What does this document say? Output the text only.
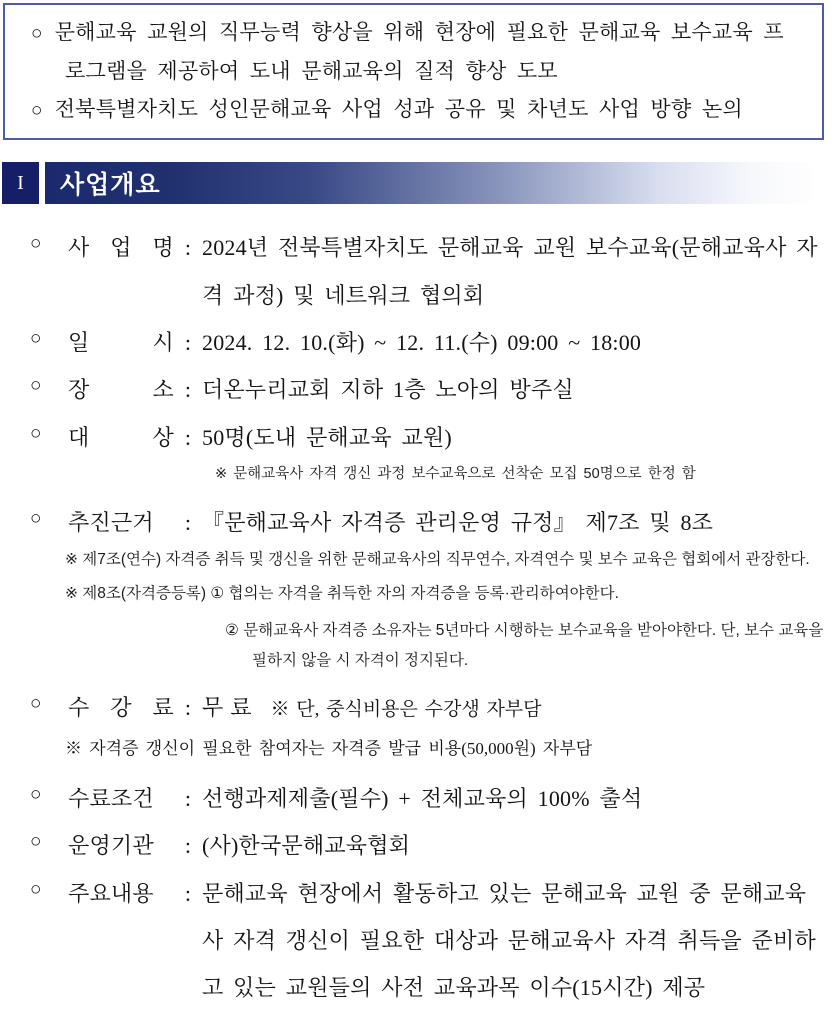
○ 문해교육 교원의 직무능력 향상을 위해 현장에 필요한 문해교육 보수교육 프로그램을 제공하여 도내 문해교육의 질적 향상 도모

○ 전북특별자치도 성인문해교육 사업 성과 공유 및 차년도 사업 방향 논의

I	사업개요
○	사 업 명 : 2024년 전북특별자치도 문해교육 교원 보수교육(문해교육사 자격 과정) 및 네트워크 협의회
○	일 시 : 2024. 12. 10.(화) ~ 12. 11.(수) 09:00 ~ 18:00
○	장 소 : 더온누리교회 지하 1층 노아의 방주실
○	대 상 : 50명(도내 문해교육 교원)
※ 문해교육사 자격 갱신 과정 보수교육으로 선착순 모집 50명으로 한정 함
○	추진근거	: 『문해교육사 자격증 관리운영 규정』 제7조 및 8조
※ 제7조(연수) 자격증 취득 및 갱신을 위한 문해교육사의 직무연수, 자격연수 및 보수 교육은 협회에서 관장한다.
※ 제8조(자격증등록) ① 협의는 자격을 취득한 자의 자격증을 등록·관리하여야한다.
② 문해교육사 자격증 소유자는 5년마다 시행하는 보수교육을 받아야한다. 단, 보수 교육을 필하지 않을 시 자격이 정지된다.
○	수 강 료 : 무료 ※ 단, 중식비용은 수강생 자부담
※ 자격증 갱신이 필요한 참여자는 자격증 발급 비용(50,000원) 자부담
○	수료조건	: 선행과제제출(필수) + 전체교육의 100% 출석
○	운영기관	: (사)한국문해교육협회
○	주요내용	: 문해교육 현장에서 활동하고 있는 문해교육 교원 중 문해교육사 자격 갱신이 필요한 대상과 문해교육사 자격 취득을 준비하고 있는 교원들의 사전 교육과목 이수(15시간) 제공
